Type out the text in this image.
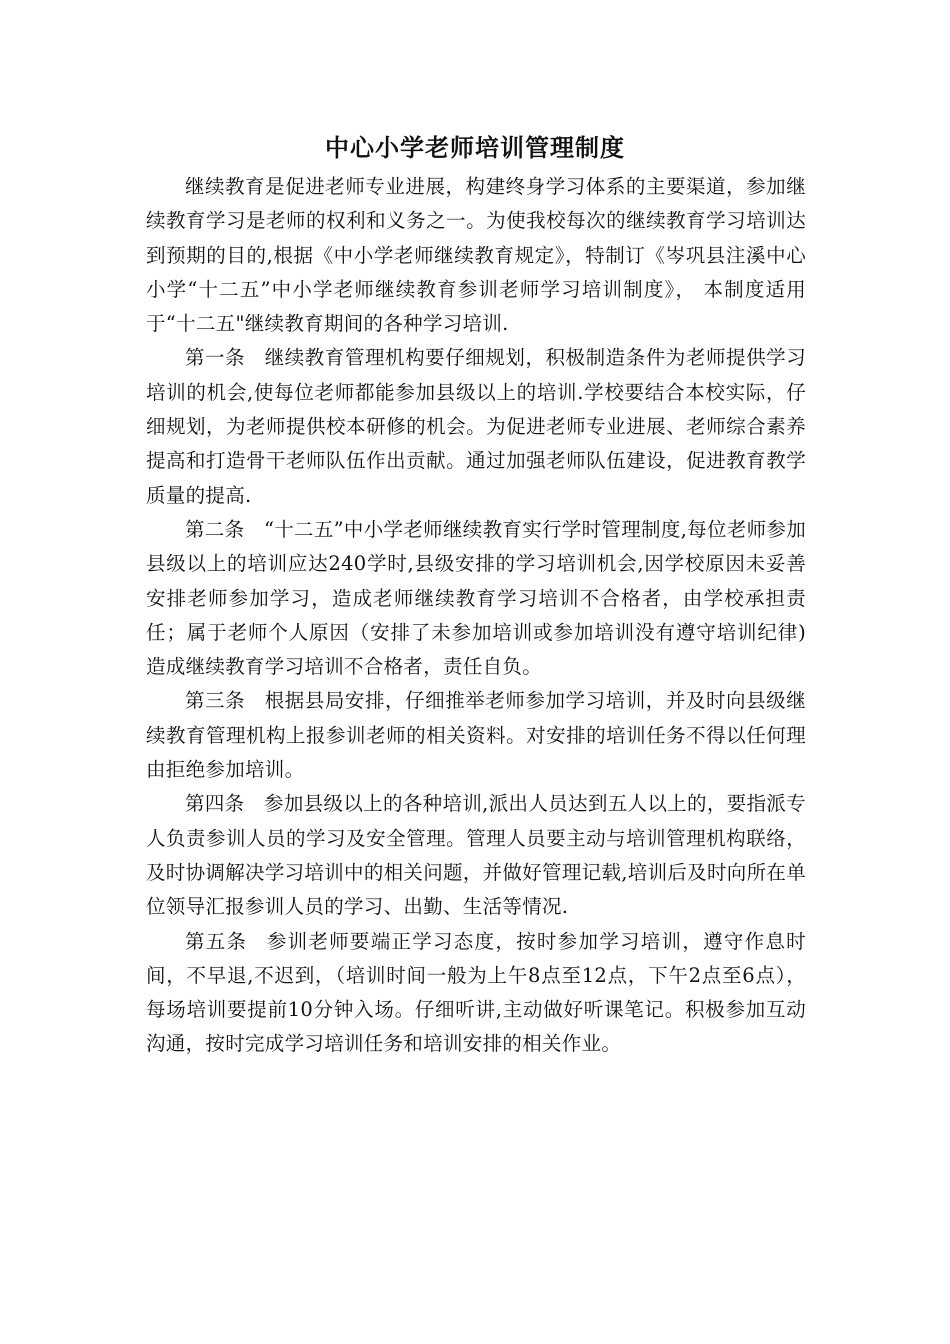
中心小学老师培训管理制度

继续教育是促进老师专业进展，构建终身学习体系的主要渠道，参加继续教育学习是老师的权利和义务之一。为使我校每次的继续教育学习培训达到预期的目的,根据《中小学老师继续教育规定》，特制订《岑巩县注溪中心小学“十二五”中小学老师继续教育参训老师学习培训制度》， 本制度适用于“十二五"继续教育期间的各种学习培训.

第一条 继续教育管理机构要仔细规划，积极制造条件为老师提供学习培训的机会,使每位老师都能参加县级以上的培训.学校要结合本校实际，仔细规划，为老师提供校本研修的机会。为促进老师专业进展、老师综合素养提高和打造骨干老师队伍作出贡献。通过加强老师队伍建设，促进教育教学质量的提高.

第二条 “十二五”中小学老师继续教育实行学时管理制度,每位老师参加县级以上的培训应达240学时,县级安排的学习培训机会,因学校原因未妥善安排老师参加学习，造成老师继续教育学习培训不合格者，由学校承担责任；属于老师个人原因（安排了未参加培训或参加培训没有遵守培训纪律)造成继续教育学习培训不合格者，责任自负。

第三条 根据县局安排，仔细推举老师参加学习培训，并及时向县级继续教育管理机构上报参训老师的相关资料。对安排的培训任务不得以任何理由拒绝参加培训。

第四条 参加县级以上的各种培训,派出人员达到五人以上的，要指派专人负责参训人员的学习及安全管理。管理人员要主动与培训管理机构联络，及时协调解决学习培训中的相关问题，并做好管理记载,培训后及时向所在单位领导汇报参训人员的学习、出勤、生活等情况.

第五条 参训老师要端正学习态度，按时参加学习培训，遵守作息时间，不早退,不迟到，（培训时间一般为上午8点至12点，下午2点至6点），每场培训要提前10分钟入场。仔细听讲,主动做好听课笔记。积极参加互动沟通，按时完成学习培训任务和培训安排的相关作业。
